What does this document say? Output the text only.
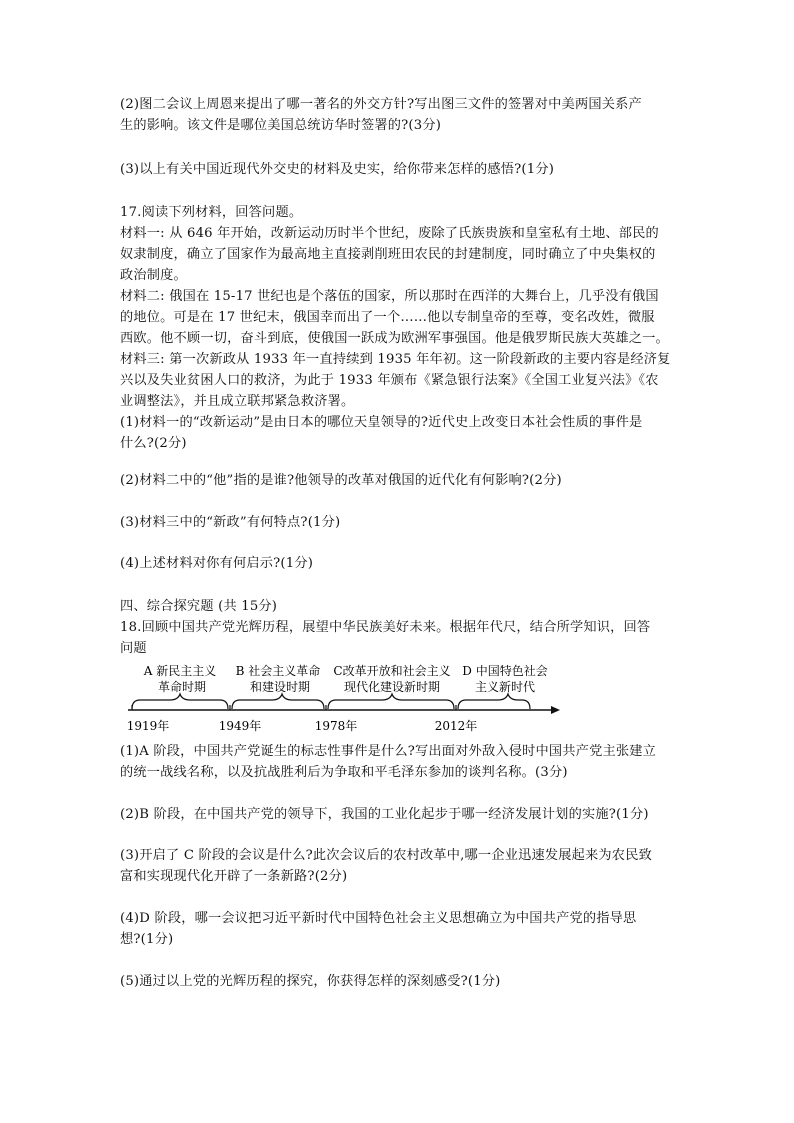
(2)图二会议上周恩来提出了哪一著名的外交方针?写出图三文件的签署对中美两国关系产
生的影响。该文件是哪位美国总统访华时签署的?(3分)
(3)以上有关中国近现代外交史的材料及史实，给你带来怎样的感悟?(1分)
17.阅读下列材料，回答问题。
材料一: 从 646 年开始，改新运动历时半个世纪，废除了氏族贵族和皇室私有土地、部民的
奴隶制度，确立了国家作为最高地主直接剥削班田农民的封建制度，同时确立了中央集权的
政治制度。
材料二: 俄国在 15-17 世纪也是个落伍的国家，所以那时在西洋的大舞台上，几乎没有俄国
的地位。可是在 17 世纪末，俄国幸而出了一个……他以专制皇帝的至尊，变名改姓，微服
西欧。他不顾一切，奋斗到底，使俄国一跃成为欧洲军事强国。他是俄罗斯民族大英雄之一。
材料三: 第一次新政从 1933 年一直持续到 1935 年年初。这一阶段新政的主要内容是经济复
兴以及失业贫困人口的救济，为此于 1933 年颁布《紧急银行法案》《全国工业复兴法》《农
业调整法》，并且成立联邦紧急救济署。
(1)材料一的“改新运动”是由日本的哪位天皇领导的?近代史上改变日本社会性质的事件是
什么?(2分)
(2)材料二中的“他”指的是谁?他领导的改革对俄国的近代化有何影响?(2分)
(3)材料三中的“新政”有何特点?(1分)
(4)上述材料对你有何启示?(1分)
四、综合探究题 (共 15分)
18.回顾中国共产党光辉历程，展望中华民族美好未来。根据年代尺，结合所学知识，回答
问题
A 新民主主义
革命时期
B 社会主义革命
和建设时期
C改革开放和社会主义
现代化建设新时期
D 中国特色社会
主义新时代
1919年	1949年	1978年	2012年
(1)A 阶段，中国共产党诞生的标志性事件是什么?写出面对外敌入侵时中国共产党主张建立
的统一战线名称，以及抗战胜利后为争取和平毛泽东参加的谈判名称。(3分)
(2)B 阶段，在中国共产党的领导下，我国的工业化起步于哪一经济发展计划的实施?(1分)
(3)开启了 C 阶段的会议是什么?此次会议后的农村改革中,哪一企业迅速发展起来为农民致
富和实现现代化开辟了一条新路?(2分)
(4)D 阶段，哪一会议把习近平新时代中国特色社会主义思想确立为中国共产党的指导思
想?(1分)
(5)通过以上党的光辉历程的探究，你获得怎样的深刻感受?(1分)
